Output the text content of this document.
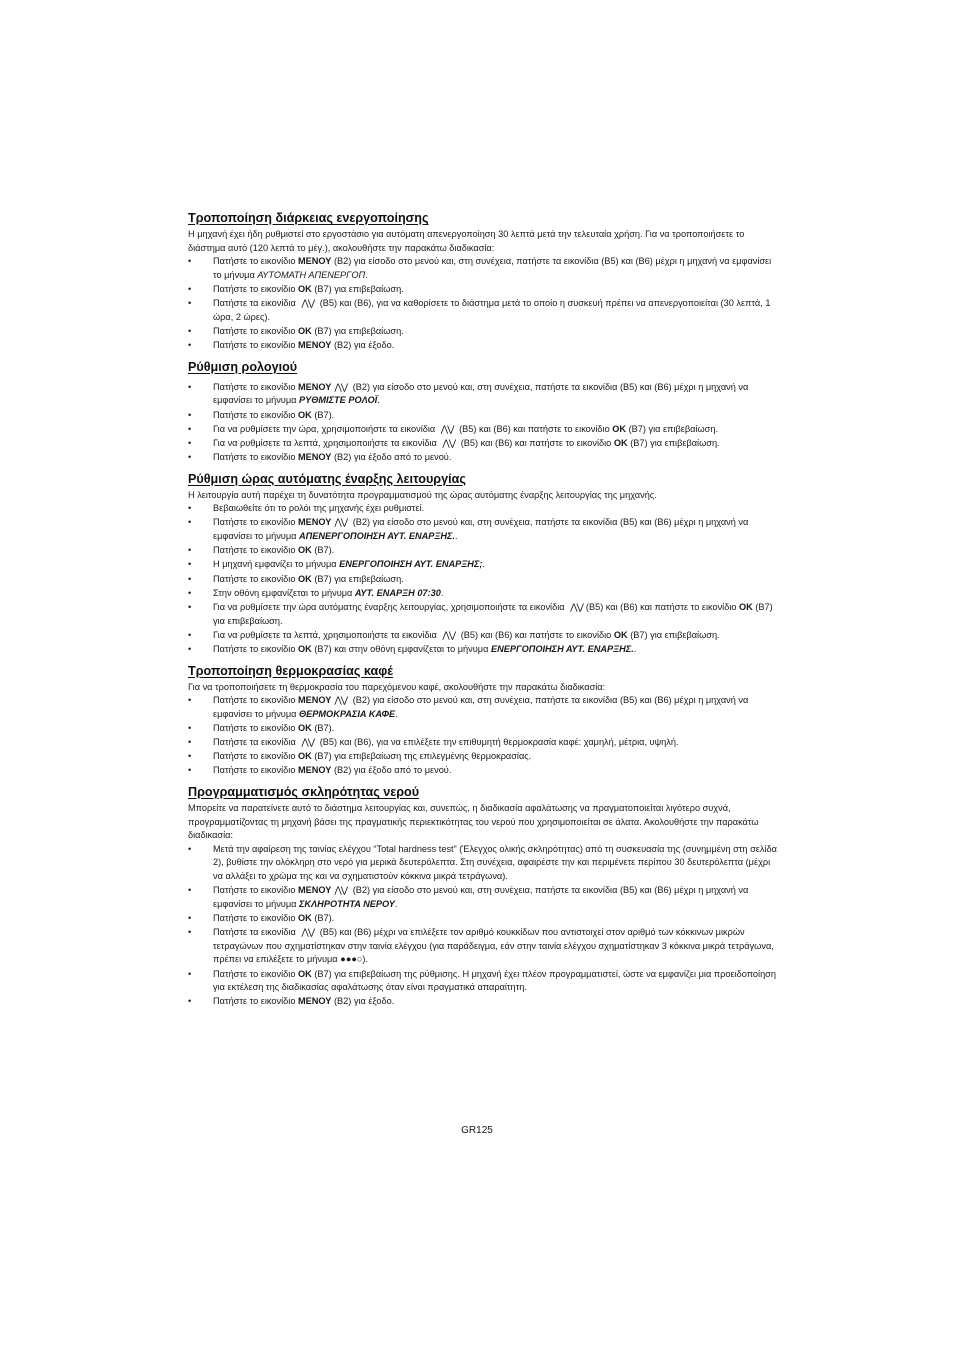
Τροποποίηση διάρκειας ενεργοποίησης

Η μηχανή έχει ήδη ρυθμιστεί στο εργοστάσιο για αυτόματη απενεργοποίηση 30 λεπτά μετά την τελευταία χρήση. Για να τροποποιήσετε το διάστημα αυτό (120 λεπτά το μέγ.), ακολουθήστε την παρακάτω διαδικασία:

•	Πατήστε το εικονίδιο ΜΕΝΟΥ (B2) για είσοδο στο μενού και, στη συνέχεια, πατήστε τα εικονίδια (B5) και (B6) μέχρι η μηχανή να εμφανίσει το μήνυμα ΑΥΤΟΜΑΤΗ ΑΠΕΝΕΡΓΟΠ.
•	Πατήστε το εικονίδιο OK (B7) για επιβεβαίωση.
•	Πατήστε τα εικονίδια ⋀⋁ (B5) και (B6), για να καθορίσετε το διάστημα μετά το οποίο η συσκευή πρέπει να απενεργοποιείται (30 λεπτά, 1 ώρα, 2 ώρες).
•	Πατήστε το εικονίδιο OK (B7) για επιβεβαίωση.
•	Πατήστε το εικονίδιο ΜΕΝΟΥ (B2) για έξοδο.
Ρύθμιση ρολογιού
•	Πατήστε το εικονίδιο ΜΕΝΟΥ ⋀⋁ (B2) για είσοδο στο μενού και, στη συνέχεια, πατήστε τα εικονίδια (B5) και (B6) μέχρι η μηχανή να εμφανίσει το μήνυμα ΡΥΘΜΙΣΤΕ ΡΟΛΟΪ.
•	Πατήστε το εικονίδιο OK (B7).
•	Για να ρυθμίσετε την ώρα, χρησιμοποιήστε τα εικονίδια ⋀⋁ (B5) και (B6) και πατήστε το εικονίδιο OK (B7) για επιβεβαίωση.
•	Για να ρυθμίσετε τα λεπτά, χρησιμοποιήστε τα εικονίδια ⋀⋁ (B5) και (B6) και πατήστε το εικονίδιο OK (B7) για επιβεβαίωση.
•	Πατήστε το εικονίδιο ΜΕΝΟΥ (B2) για έξοδο από το μενού.
Ρύθμιση ώρας αυτόματης έναρξης λειτουργίας

Η λειτουργία αυτή παρέχει τη δυνατότητα προγραμματισμού της ώρας αυτόματης έναρξης λειτουργίας της μηχανής.

•	Βεβαιωθείτε ότι το ρολόι της μηχανής έχει ρυθμιστεί.
•	Πατήστε το εικονίδιο ΜΕΝΟΥ ⋀⋁ (B2) για είσοδο στο μενού και, στη συνέχεια, πατήστε τα εικονίδια (B5) και (B6) μέχρι η μηχανή να εμφανίσει το μήνυμα ΑΠΕΝΕΡΓΟΠΟΙΗΣΗ ΑΥΤ. ΕΝΑΡΞΗΣ..
•	Πατήστε το εικονίδιο OK (B7).
•	Η μηχανή εμφανίζει το μήνυμα ΕΝΕΡΓΟΠΟΙΗΣΗ ΑΥΤ. ΕΝΑΡΞΗΣ;.
•	Πατήστε το εικονίδιο OK (B7) για επιβεβαίωση.
•	Στην οθόνη εμφανίζεται το μήνυμα ΑΥΤ. ΕΝΑΡΞΗ 07:30.
•	Για να ρυθμίσετε την ώρα αυτόματης έναρξης λειτουργίας, χρησιμοποιήστε τα εικονίδια ⋀⋁ (B5) και (B6) και πατήστε το εικονίδιο OK (B7) για επιβεβαίωση.
•	Για να ρυθμίσετε τα λεπτά, χρησιμοποιήστε τα εικονίδια ⋀⋁ (B5) και (B6) και πατήστε το εικονίδιο OK (B7) για επιβεβαίωση.
•	Πατήστε το εικονίδιο OK (B7) και στην οθόνη εμφανίζεται το μήνυμα ΕΝΕΡΓΟΠΟΙΗΣΗ ΑΥΤ. ΕΝΑΡΞΗΣ..
Τροποποίηση θερμοκρασίας καφέ

Για να τροποποιήσετε τη θερμοκρασία του παρεχόμενου καφέ, ακολουθήστε την παρακάτω διαδικασία:

•	Πατήστε το εικονίδιο ΜΕΝΟΥ ⋀⋁ (B2) για είσοδο στο μενού και, στη συνέχεια, πατήστε τα εικονίδια (B5) και (B6) μέχρι η μηχανή να εμφανίσει το μήνυμα ΘΕΡΜΟΚΡΑΣΙΑ ΚΑΦΕ.
•	Πατήστε το εικονίδιο OK (B7).
•	Πατήστε τα εικονίδια ⋀⋁ (B5) και (B6), για να επιλέξετε την επιθυμητή θερμοκρασία καφέ: χαμηλή, μέτρια, υψηλή.
•	Πατήστε το εικονίδιο OK (B7) για επιβεβαίωση της επιλεγμένης θερμοκρασίας.
•	Πατήστε το εικονίδιο ΜΕΝΟΥ (B2) για έξοδο από το μενού.
Προγραμματισμός σκληρότητας νερού

Μπορείτε να παρατείνετε αυτό το διάστημα λειτουργίας και, συνεπώς, η διαδικασία αφαλάτωσης να πραγματοποιείται λιγότερο συχνά, προγραμματίζοντας τη μηχανή βάσει της πραγματικής περιεκτικότητας του νερού που χρησιμοποιείται σε άλατα. Ακολουθήστε την παρακάτω διαδικασία:

•	Μετά την αφαίρεση της ταινίας ελέγχου “Total hardness test” (Έλεγχος ολικής σκληρότητας) από τη συσκευασία της (συνημμένη στη σελίδα 2), βυθίστε την ολόκληρη στο νερό για μερικά δευτερόλεπτα. Στη συνέχεια, αφαιρέστε την και περιμένετε περίπου 30 δευτερόλεπτα (μέχρι να αλλάξει το χρώμα της και να σχηματιστούν κόκκινα μικρά τετράγωνα).
•	Πατήστε το εικονίδιο ΜΕΝΟΥ ⋀⋁ (B2) για είσοδο στο μενού και, στη συνέχεια, πατήστε τα εικονίδια (B5) και (B6) μέχρι η μηχανή να εμφανίσει το μήνυμα ΣΚΛΗΡΟΤΗΤΑ ΝΕΡΟΥ.
•	Πατήστε το εικονίδιο OK (B7).
•	Πατήστε τα εικονίδια ⋀⋁ (B5) και (B6) μέχρι να επιλέξετε τον αριθμό κουκκίδων που αντιστοιχεί στον αριθμό των κόκκινων μικρών τετραγώνων που σχηματίστηκαν στην ταινία ελέγχου (για παράδειγμα, εάν στην ταινία ελέγχου σχηματίστηκαν 3 κόκκινα μικρά τετράγωνα, πρέπει να επιλέξετε το μήνυμα ●●●○).
•	Πατήστε το εικονίδιο OK (B7) για επιβεβαίωση της ρύθμισης. Η μηχανή έχει πλέον προγραμματιστεί, ώστε να εμφανίζει μια προειδοποίηση για εκτέλεση της διαδικασίας αφαλάτωσης όταν είναι πραγματικά απαραίτητη.
•	Πατήστε το εικονίδιο ΜΕΝΟΥ (B2) για έξοδο.
GR125
